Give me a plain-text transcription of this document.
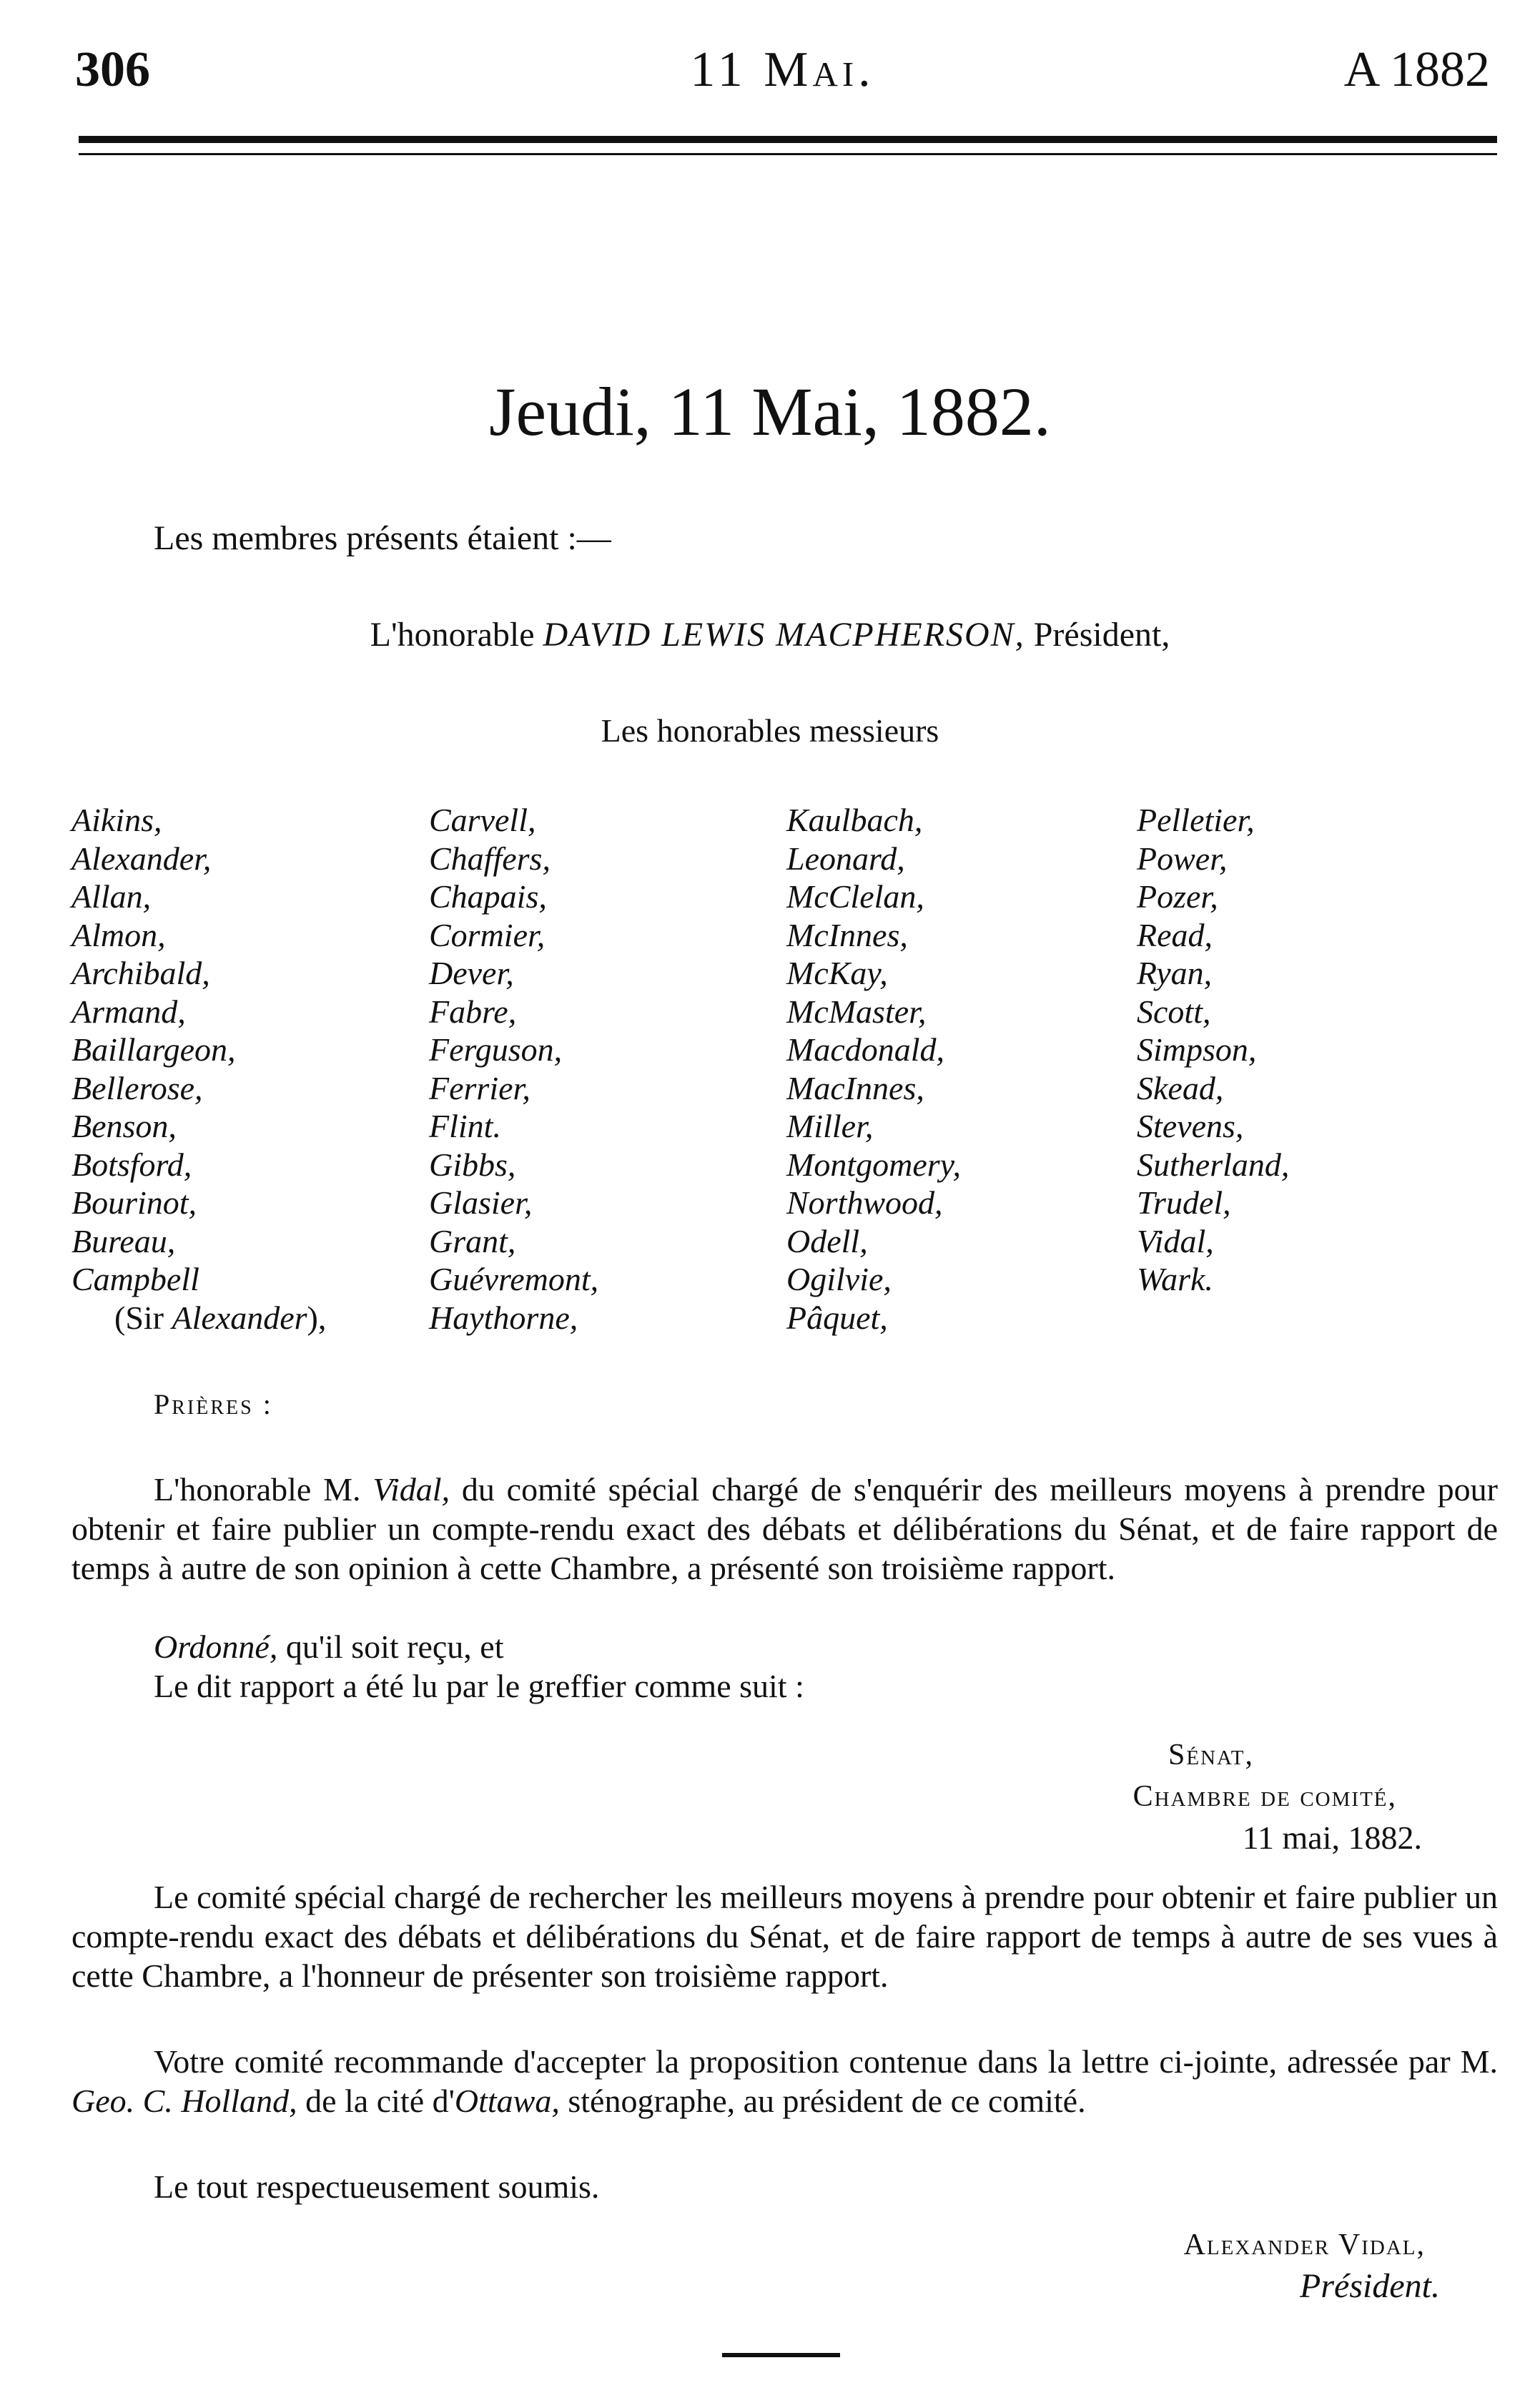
306	11 Mai.	A 1882
Jeudi, 11 Mai, 1882.
Les membres présents étaient :—
L'honorable DAVID LEWIS MACPHERSON, Président,
Les honorables messieurs
Aikins,
Alexander,
Allan,
Almon,
Archibald,
Armand,
Baillargeon,
Bellerose,
Benson,
Botsford,
Bourinot,
Bureau,
Campbell
(Sir Alexander),
Carvell,
Chaffers,
Chapais,
Cormier,
Dever,
Fabre,
Ferguson,
Ferrier,
Flint.
Gibbs,
Glasier,
Grant,
Guévremont,
Haythorne,
Kaulbach,
Leonard,
McClelan,
McInnes,
McKay,
McMaster,
Macdonald,
MacInnes,
Miller,
Montgomery,
Northwood,
Odell,
Ogilvie,
Pâquet,
Pelletier,
Power,
Pozer,
Read,
Ryan,
Scott,
Simpson,
Skead,
Stevens,
Sutherland,
Trudel,
Vidal,
Wark.
Prières :
L'honorable M. Vidal, du comité spécial chargé de s'enquérir des meilleurs moyens à prendre pour obtenir et faire publier un compte-rendu exact des débats et délibérations du Sénat, et de faire rapport de temps à autre de son opinion à cette Chambre, a présenté son troisième rapport.
Ordonné, qu'il soit reçu, et
Le dit rapport a été lu par le greffier comme suit :
Sénat,
Chambre de comité,
11 mai, 1882.
Le comité spécial chargé de rechercher les meilleurs moyens à prendre pour obtenir et faire publier un compte-rendu exact des débats et délibérations du Sénat, et de faire rapport de temps à autre de ses vues à cette Chambre, a l'honneur de présenter son troisième rapport.
Votre comité recommande d'accepter la proposition contenue dans la lettre ci-jointe, adressée par M. Geo. C. Holland, de la cité d'Ottawa, sténographe, au président de ce comité.
Le tout respectueusement soumis.
Alexander Vidal,
Président.
